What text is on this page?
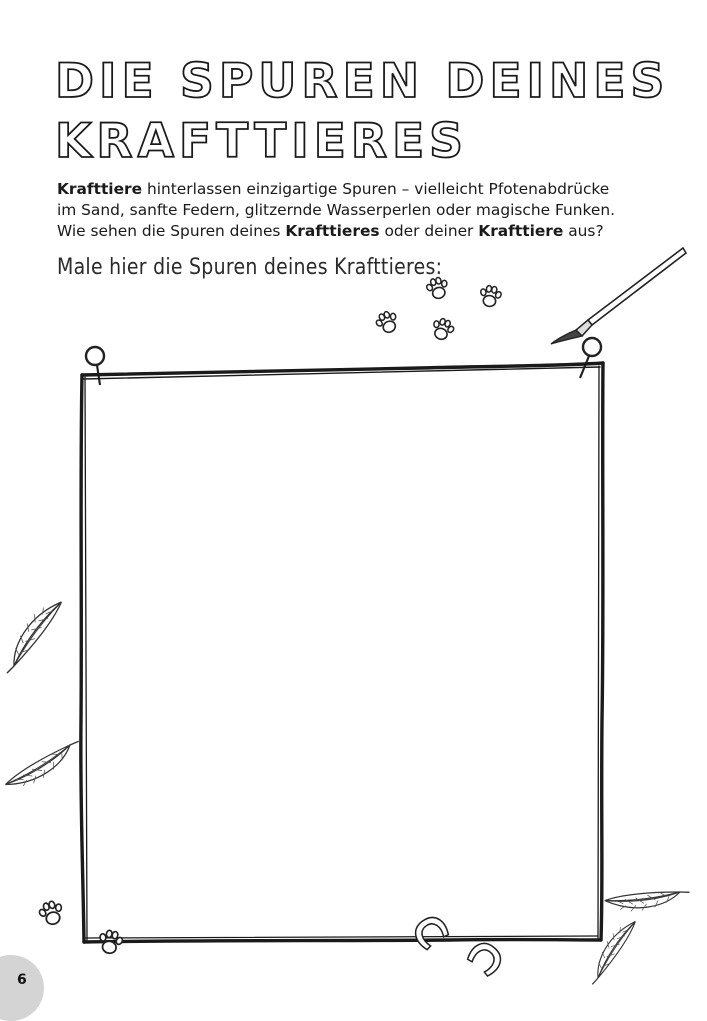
DIE SPUREN DEINES
KRAFTTIERES

Krafttiere hinterlassen einzigartige Spuren – vielleicht Pfotenabdrücke

im Sand, sanfte Federn, glitzernde Wasserperlen oder magische Funken.

Wie sehen die Spuren deines Krafttieres oder deiner Krafttiere aus?

Male hier die Spuren deines Krafttieres:
6
